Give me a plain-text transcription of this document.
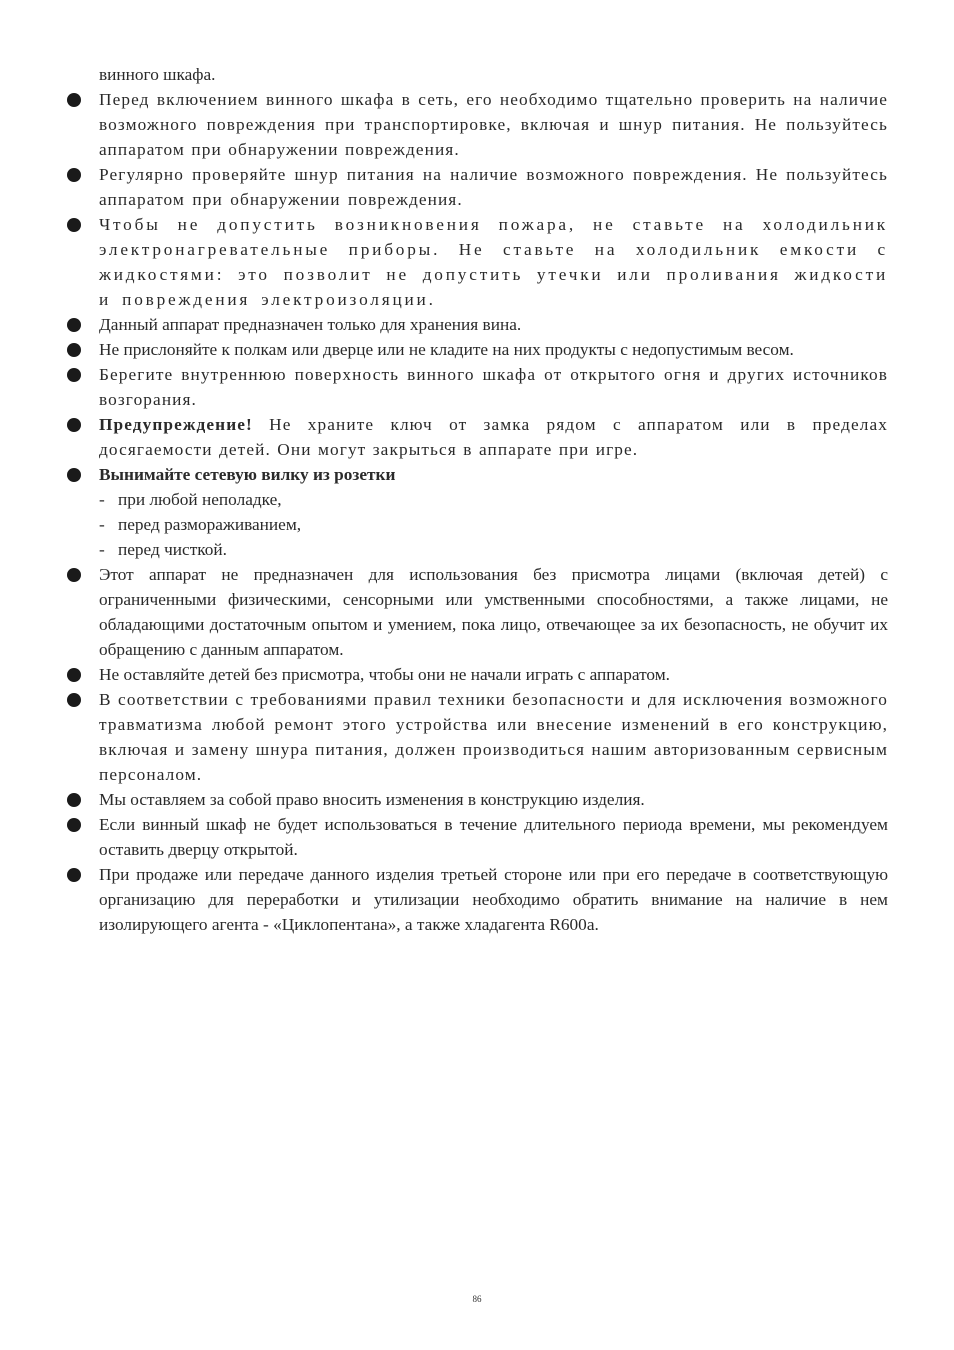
винного шкафа.

Перед включением винного шкафа в сеть, его необходимо тщательно проверить на наличие возможного повреждения при транспортировке, включая и шнур питания. Не пользуйтесь аппаратом при обнаружении повреждения.

Регулярно проверяйте шнур питания на наличие возможного повреждения. Не пользуйтесь аппаратом при обнаружении повреждения.

Чтобы не допустить возникновения пожара, не ставьте на холодильник электронагревательные приборы. Не ставьте на холодильник емкости с жидкостями: это позволит не допустить утечки или проливания жидкости и повреждения электроизоляции.

Данный аппарат предназначен только для хранения вина.

Не прислоняйте к полкам или дверце или не кладите на них продукты с недопустимым весом.

Берегите внутреннюю поверхность винного шкафа от открытого огня и других источников возгорания.

Предупреждение! Не храните ключ от замка рядом с аппаратом или в пределах досягаемости детей. Они могут закрыться в аппарате при игре.

Вынимайте сетевую вилку из розетки

- при любой неполадке,
- перед размораживанием,
- перед чисткой.

Этот аппарат не предназначен для использования без присмотра лицами (включая детей) с ограниченными физическими, сенсорными или умственными способностями, а также лицами, не обладающими достаточным опытом и умением, пока лицо, отвечающее за их безопасность, не обучит их обращению с данным аппаратом.

Не оставляйте детей без присмотра, чтобы они не начали играть с аппаратом.

В соответствии с требованиями правил техники безопасности и для исключения возможного травматизма любой ремонт этого устройства или внесение изменений в его конструкцию, включая и замену шнура питания, должен производиться нашим авторизованным сервисным персоналом.

Мы оставляем за собой право вносить изменения в конструкцию изделия.

Если винный шкаф не будет использоваться в течение длительного периода времени, мы рекомендуем оставить дверцу открытой.

При продаже или передаче данного изделия третьей стороне или при его передаче в соответствующую организацию для переработки и утилизации необходимо обратить внимание на наличие в нем изолирующего агента - «Циклопентана», а также хладагента R600a.

86
